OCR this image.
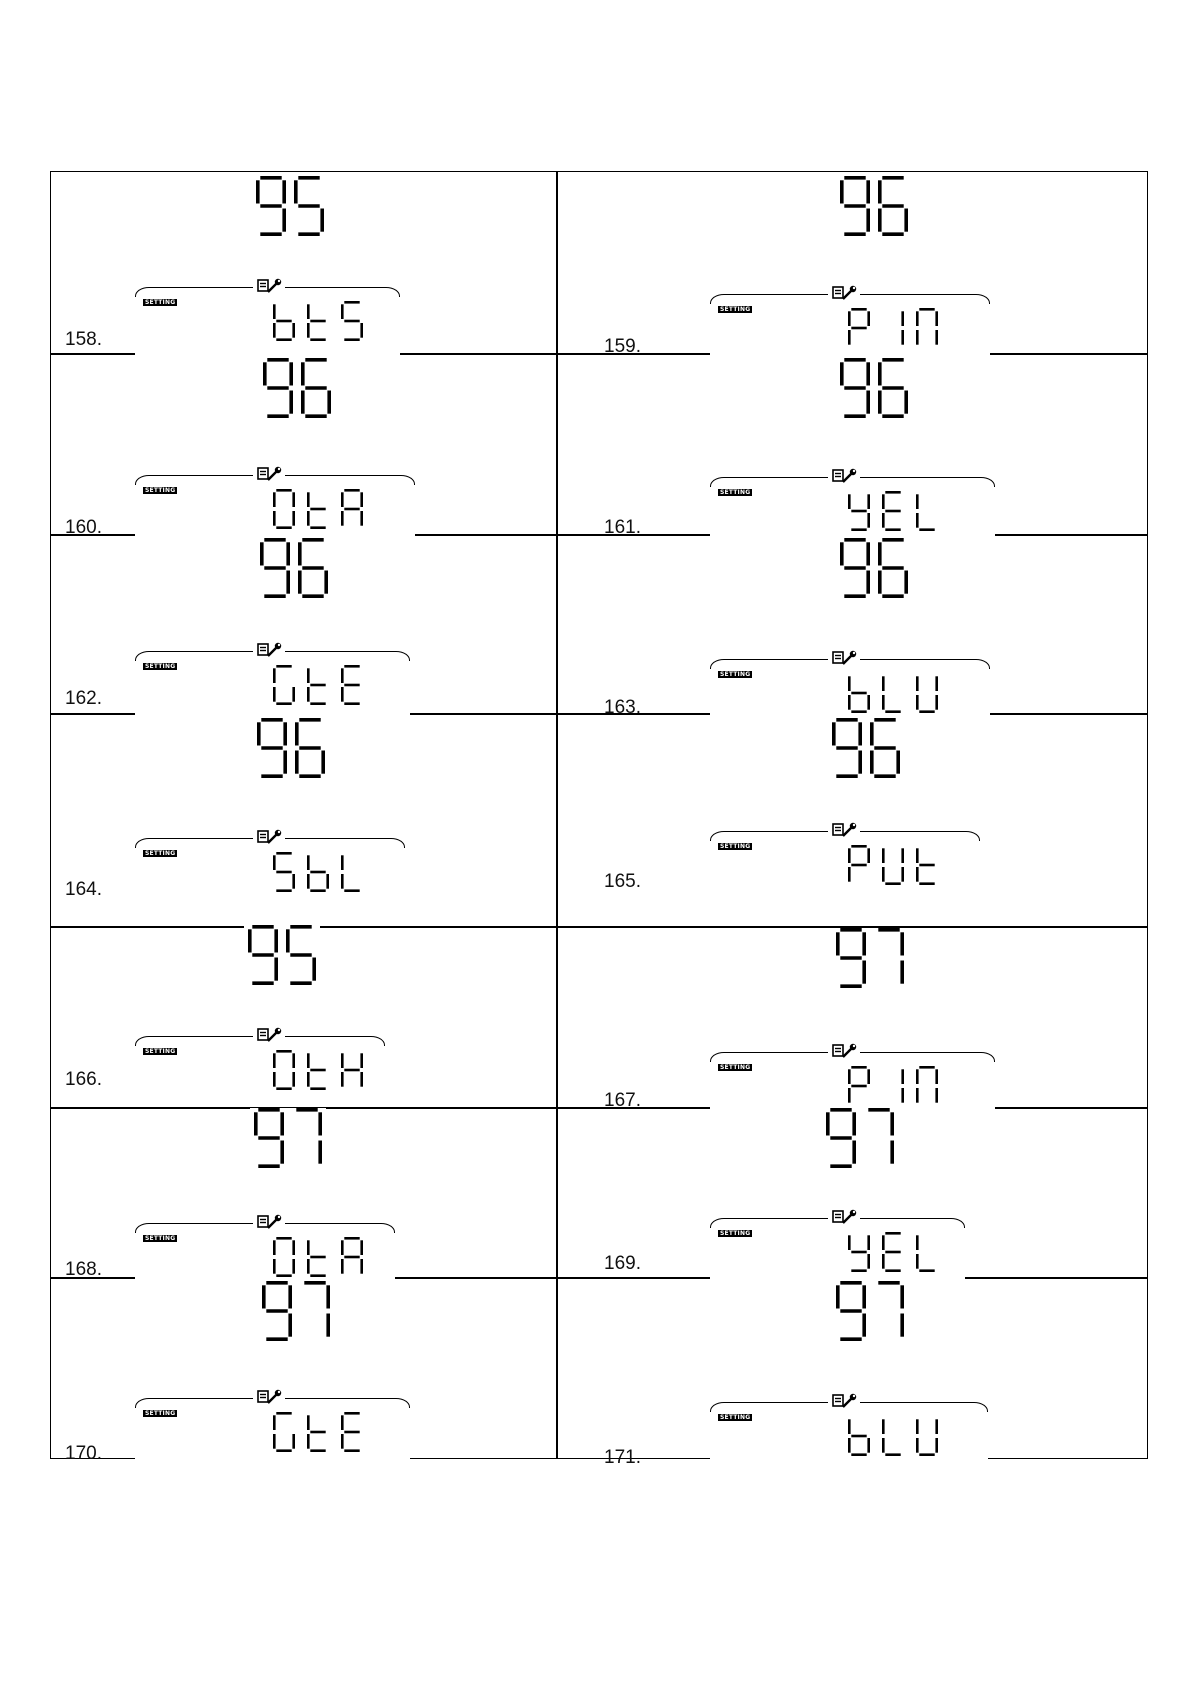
SETTING
158.
SETTING
159.
SETTING
160.
SETTING
161.
SETTING
162.
SETTING
163.
SETTING
164.
SETTING
165.
SETTING
166.
SETTING
167.
SETTING
168.
SETTING
169.
SETTING
170.
SETTING
171.
